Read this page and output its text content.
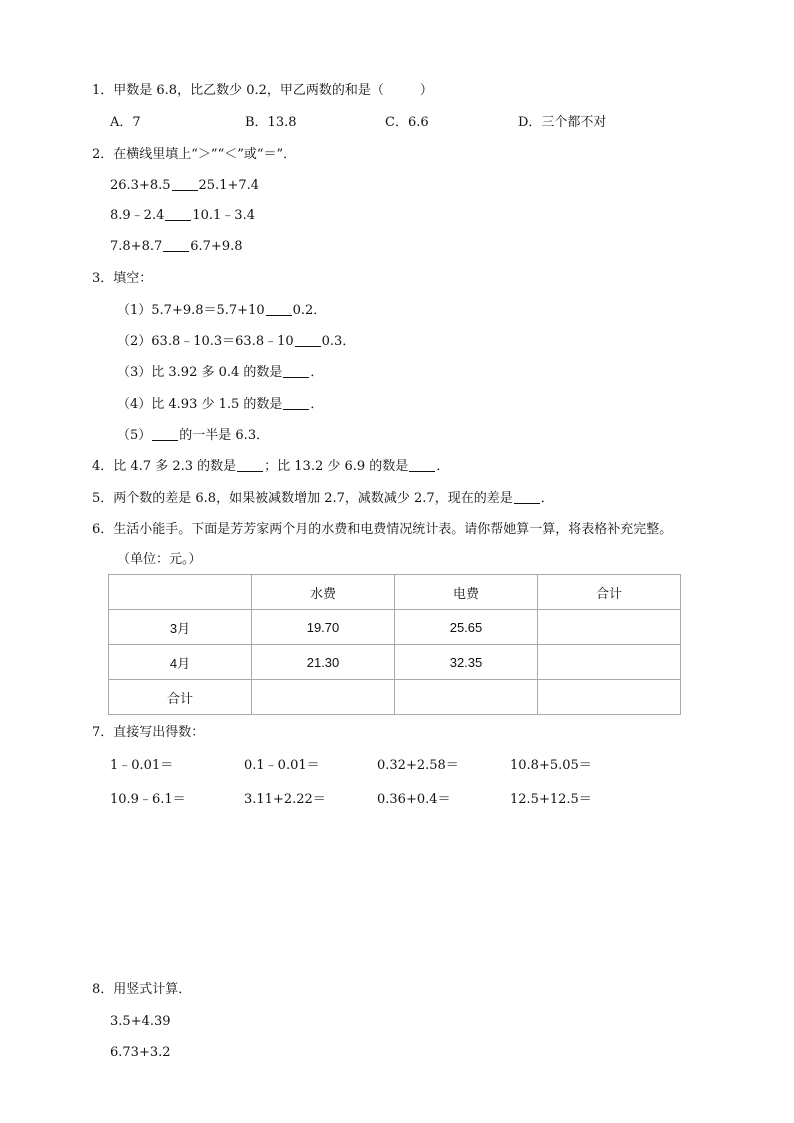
1．甲数是 6.8，比乙数少 0.2，甲乙两数的和是（	）
A．7	B．13.8	C．6.6	D．三个都不对
2．在横线里填上“＞”“＜”或“＝”．
26.3+8.5 25.1+7.4
8.9﹣2.4 10.1﹣3.4
7.8+8.7 6.7+9.8
3．填空：
（1）5.7+9.8＝5.7+10 0.2．
（2）63.8﹣10.3＝63.8﹣10 0.3．
（3）比 3.92 多 0.4 的数是 ．
（4）比 4.93 少 1.5 的数是 ．
（5） 的一半是 6.3．
4．比 4.7 多 2.3 的数是 ；比 13.2 少 6.9 的数是 ．
5．两个数的差是 6.8，如果被减数增加 2.7，减数减少 2.7，现在的差是 ．
6．生活小能手。下面是芳芳家两个月的水费和电费情况统计表。请你帮她算一算，将表格补充完整。
（单位：元。）
	水费	电费	合计
3月	19.70	25.65	
4月	21.30	32.35	
合计			
7．直接写出得数：
1﹣0.01＝	0.1﹣0.01＝	0.32+2.58＝	10.8+5.05＝
10.9﹣6.1＝	3.11+2.22＝	0.36+0.4＝	12.5+12.5＝
8．用竖式计算．
3.5+4.39
6.73+3.2
